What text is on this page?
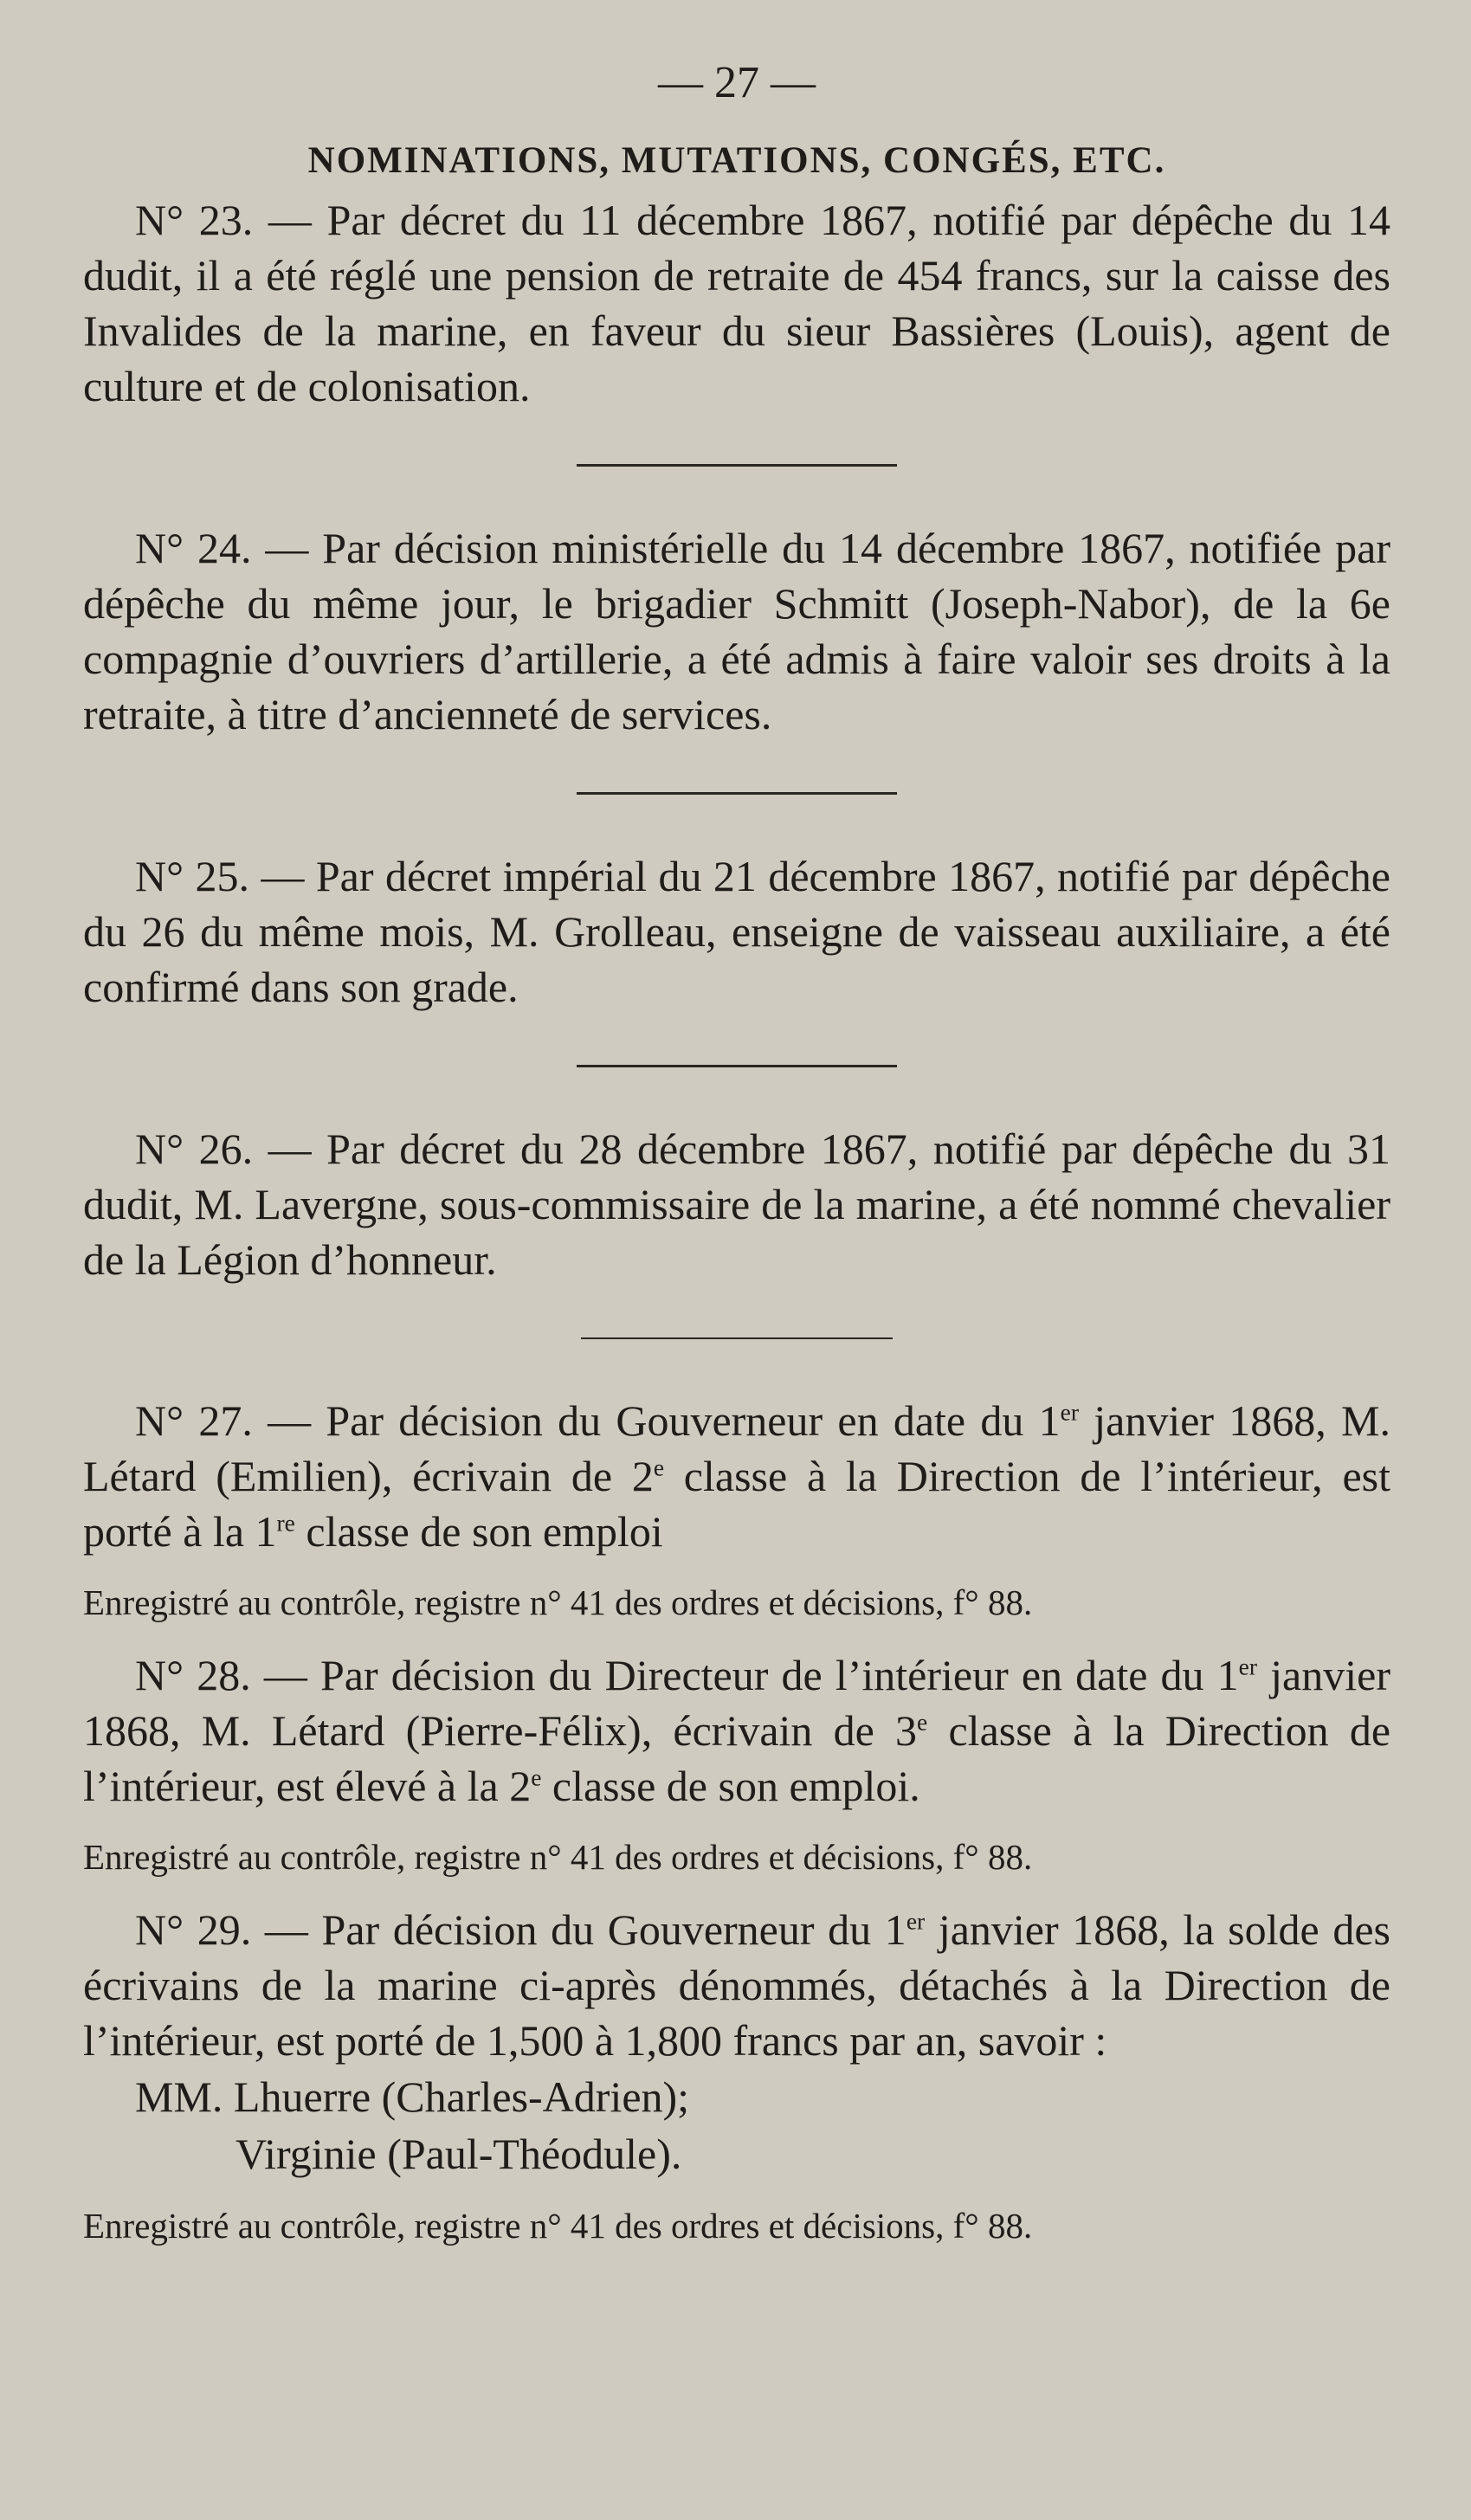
— 27 —
NOMINATIONS, MUTATIONS, CONGÉS, ETC.

N° 23. — Par décret du 11 décembre 1867, notifié par dépêche du 14 dudit, il a été réglé une pension de retraite de 454 francs, sur la caisse des Invalides de la marine, en faveur du sieur Bassières (Louis), agent de culture et de colonisation.

N° 24. — Par décision ministérielle du 14 décembre 1867, notifiée par dépêche du même jour, le brigadier Schmitt (Joseph-Nabor), de la 6e compagnie d’ouvriers d’artillerie, a été admis à faire valoir ses droits à la retraite, à titre d’ancienneté de services.

N° 25. — Par décret impérial du 21 décembre 1867, notifié par dépêche du 26 du même mois, M. Grolleau, enseigne de vaisseau auxiliaire, a été confirmé dans son grade.

N° 26. — Par décret du 28 décembre 1867, notifié par dépêche du 31 dudit, M. Lavergne, sous-commissaire de la marine, a été nommé chevalier de la Légion d’honneur.

N° 27. — Par décision du Gouverneur en date du 1er janvier 1868, M. Létard (Emilien), écrivain de 2e classe à la Direction de l’intérieur, est porté à la 1re classe de son emploi

Enregistré au contrôle, registre n° 41 des ordres et décisions, f° 88.

N° 28. — Par décision du Directeur de l’intérieur en date du 1er janvier 1868, M. Létard (Pierre-Félix), écrivain de 3e classe à la Direction de l’intérieur, est élevé à la 2e classe de son emploi.

Enregistré au contrôle, registre n° 41 des ordres et décisions, f° 88.

N° 29. — Par décision du Gouverneur du 1er janvier 1868, la solde des écrivains de la marine ci-après dénommés, détachés à la Direction de l’intérieur, est porté de 1,500 à 1,800 francs par an, savoir :

MM. Lhuerre (Charles-Adrien);
Virginie (Paul-Théodule).
Enregistré au contrôle, registre n° 41 des ordres et décisions, f° 88.
